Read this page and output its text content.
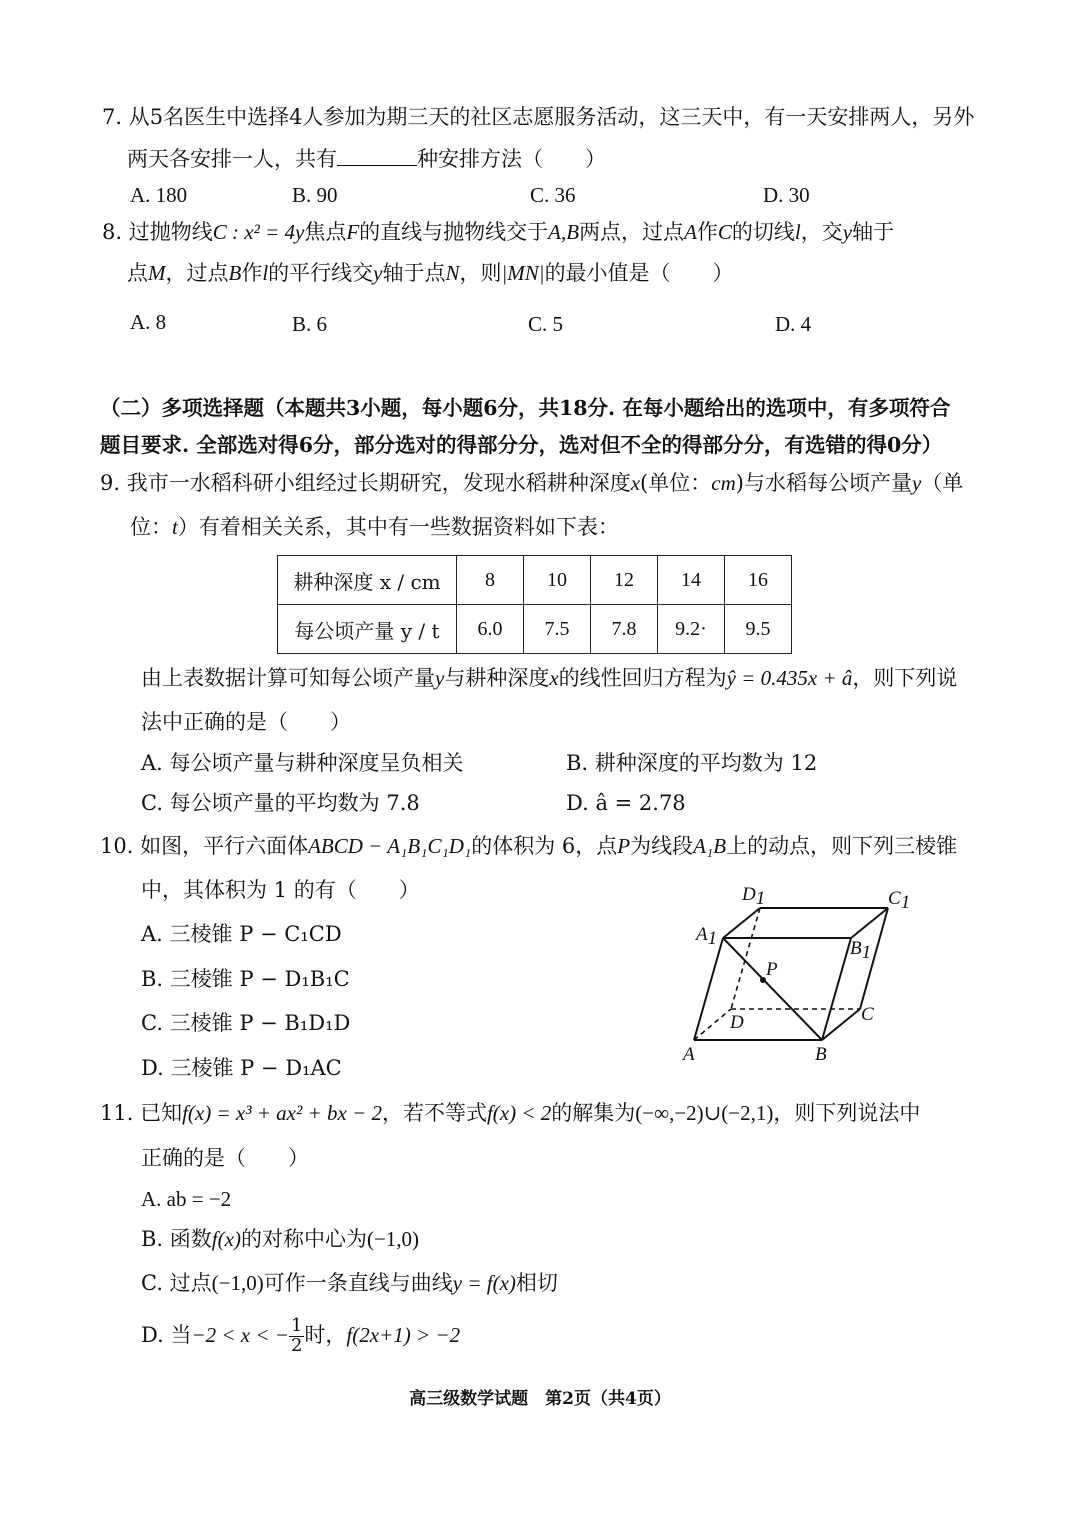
7. 从5名医生中选择4人参加为期三天的社区志愿服务活动，这三天中，有一天安排两人，另外
两天各安排一人，共有	种安排方法（　　）
A. 180	B. 90	C. 36	D. 30
8. 过抛物线C : x² = 4y焦点F的直线与抛物线交于A,B两点，过点A作C的切线l，交y轴于
点M，过点B作l的平行线交y轴于点N，则|MN|的最小值是（　　）
A. 8	B. 6	C. 5	D. 4
（二）多项选择题（本题共3小题，每小题6分，共18分. 在每小题给出的选项中，有多项符合
题目要求. 全部选对得6分，部分选对的得部分分，选对但不全的得部分分，有选错的得0分）
9. 我市一水稻科研小组经过长期研究，发现水稻耕种深度x(单位：cm)与水稻每公顷产量y（单
位：t）有着相关关系，其中有一些数据资料如下表：
耕种深度 x / cm	8	10	12	14	16
每公顷产量 y / t	6.0	7.5	7.8	9.2·	9.5
由上表数据计算可知每公顷产量y与耕种深度x的线性回归方程为ŷ = 0.435x + â，则下列说
法中正确的是（　　）
A. 每公顷产量与耕种深度呈负相关	B. 耕种深度的平均数为 12
C. 每公顷产量的平均数为 7.8	D. â = 2.78
10. 如图，平行六面体ABCD − A₁B₁C₁D₁的体积为 6，点P为线段A₁B上的动点，则下列三棱锥
中，其体积为 1 的有（　　）
A. 三棱锥 P − C₁CD
B. 三棱锥 P − D₁B₁C
C. 三棱锥 P − B₁D₁D
D. 三棱锥 P − D₁AC
D1	C1
A1	B1
P
C
D
A	B
11. 已知f(x) = x³ + ax² + bx − 2，若不等式f(x) < 2的解集为(−∞,−2)∪(−2,1)，则下列说法中
正确的是（　　）
A. ab = −2
B. 函数f(x)的对称中心为(−1,0)
C. 过点(−1,0)可作一条直线与曲线y = f(x)相切
D. 当−2 < x < − $\frac{1}{2}$ 时，f(2x+1) > −2
高三级数学试题　第2页（共4页）
